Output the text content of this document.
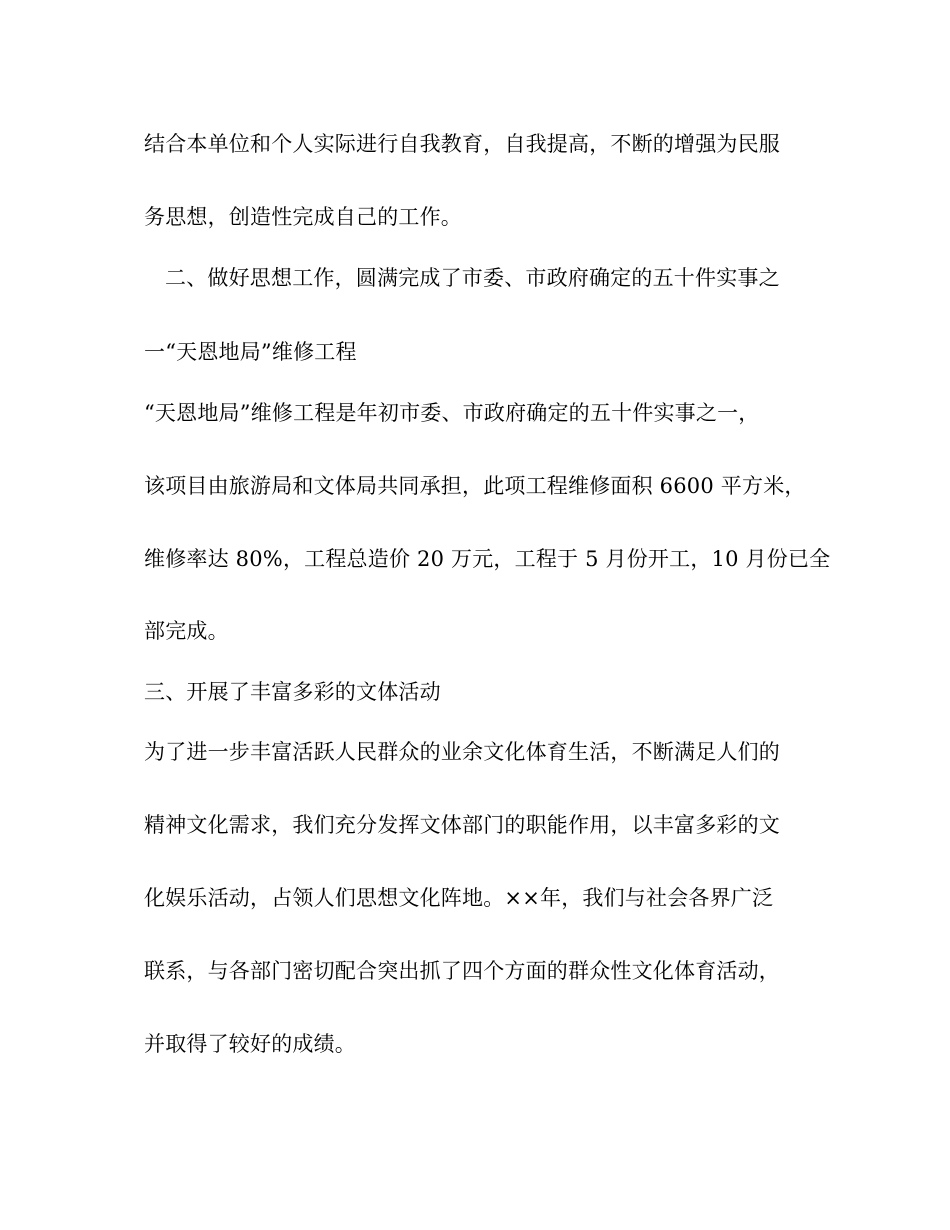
结合本单位和个人实际进行自我教育，自我提高，不断的增强为民服

务思想，创造性完成自己的工作。

二、做好思想工作，圆满完成了市委、市政府确定的五十件实事之

一“天恩地局”维修工程

“天恩地局”维修工程是年初市委、市政府确定的五十件实事之一，

该项目由旅游局和文体局共同承担，此项工程维修面积 6600 平方米，

维修率达 80%，工程总造价 20 万元，工程于 5 月份开工，10 月份已全

部完成。

三、开展了丰富多彩的文体活动

为了进一步丰富活跃人民群众的业余文化体育生活，不断满足人们的

精神文化需求，我们充分发挥文体部门的职能作用，以丰富多彩的文

化娱乐活动，占领人们思想文化阵地。××年，我们与社会各界广泛

联系，与各部门密切配合突出抓了四个方面的群众性文化体育活动，

并取得了较好的成绩。
